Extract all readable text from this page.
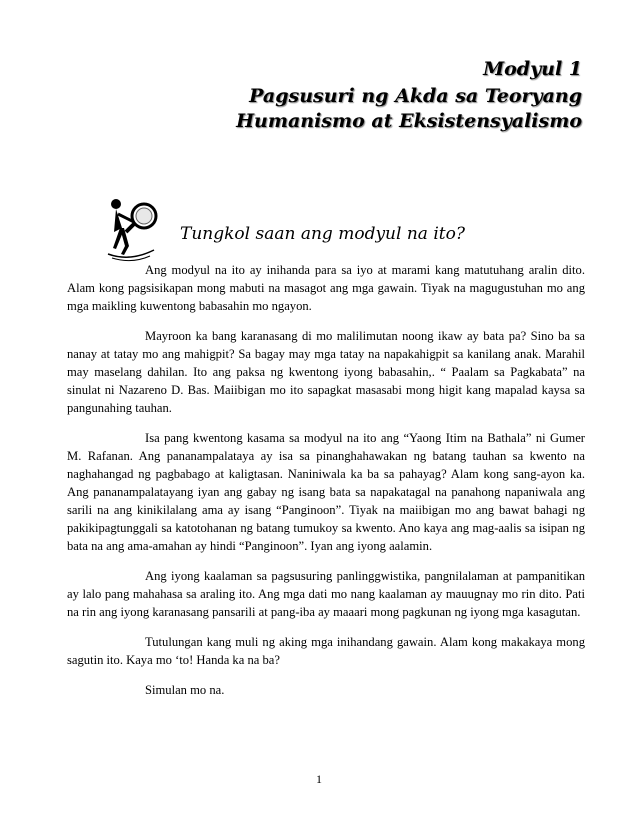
Modyul 1
Pagsusuri ng Akda sa Teoryang
Humanismo at Eksistensyalismo
Tungkol saan ang modyul na ito?

Ang modyul na ito ay inihanda para sa iyo at marami kang matutuhang aralin dito. Alam kong pagsisikapan mong mabuti na masagot ang mga gawain. Tiyak na magugustuhan mo ang mga maikling kuwentong babasahin mo ngayon.

Mayroon ka bang karanasang di mo malilimutan noong ikaw ay bata pa? Sino ba sa nanay at tatay mo ang mahigpit? Sa bagay may mga tatay na napakahigpit sa kanilang anak. Marahil may maselang dahilan. Ito ang paksa ng kwentong iyong babasahin,. “ Paalam sa Pagkabata” na sinulat ni Nazareno D. Bas. Maiibigan mo ito sapagkat masasabi mong higit kang mapalad kaysa sa pangunahing tauhan.

Isa pang kwentong kasama sa modyul na ito ang “Yaong Itim na Bathala” ni Gumer M. Rafanan. Ang pananampalataya ay isa sa pinanghahawakan ng batang tauhan sa kwento na naghahangad ng pagbabago at kaligtasan. Naniniwala ka ba sa pahayag? Alam kong sang-ayon ka. Ang pananampalatayang iyan ang gabay ng isang bata sa napakatagal na panahong napaniwala ang sarili na ang kinikilalang ama ay isang “Panginoon”. Tiyak na maiibigan mo ang bawat bahagi ng pakikipagtunggali sa katotohanan ng batang tumukoy sa kwento. Ano kaya ang mag-aalis sa isipan ng bata na ang ama-amahan ay hindi “Panginoon”. Iyan ang iyong aalamin.

Ang iyong kaalaman sa pagsusuring panlinggwistika, pangnilalaman at pampanitikan ay lalo pang mahahasa sa araling ito. Ang mga dati mo nang kaalaman ay mauugnay mo rin dito. Pati na rin ang iyong karanasang pansarili at pang-iba ay maaari mong pagkunan ng iyong mga kasagutan.

Tutulungan kang muli ng aking mga inihandang gawain. Alam kong makakaya mong sagutin ito. Kaya mo ‘to! Handa ka na ba?

Simulan mo na.

1
